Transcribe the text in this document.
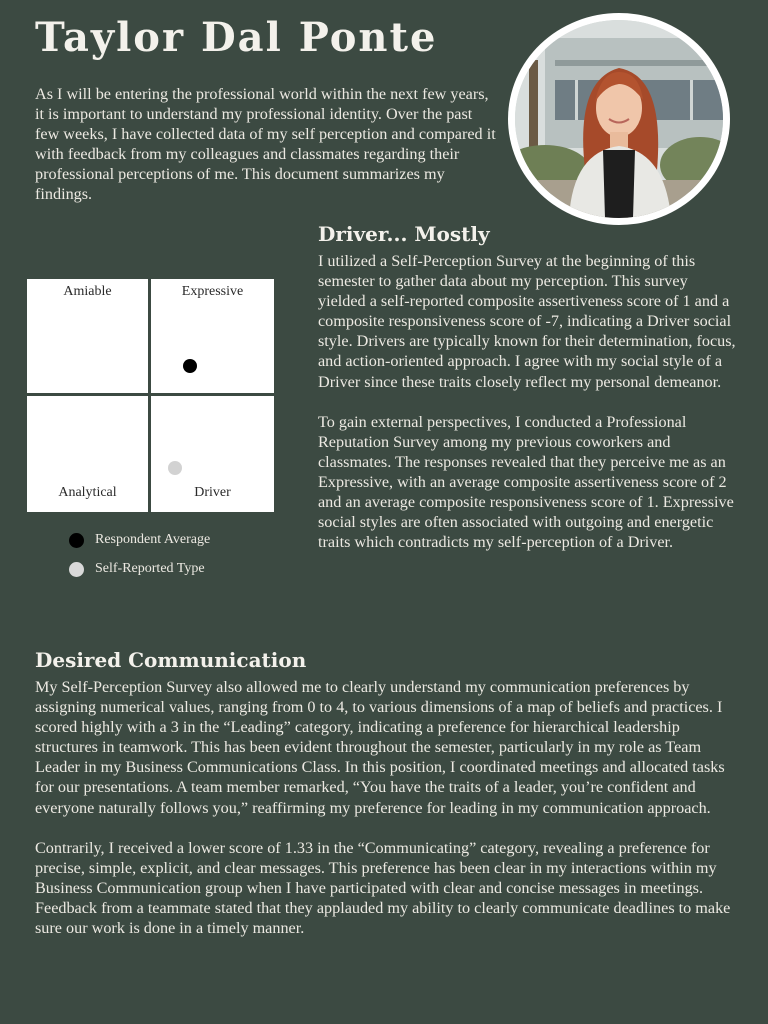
Taylor Dal Ponte

As I will be entering the professional world within the next few years, it is important to understand my professional identity. Over the past few weeks, I have collected data of my self perception and compared it with feedback from my colleagues and classmates regarding their professional perceptions of me. This document summarizes my findings.

Driver... Mostly

I utilized a Self-Perception Survey at the beginning of this semester to gather data about my perception. This survey yielded a self-reported composite assertiveness score of 1 and a composite responsiveness score of -7, indicating a Driver social style. Drivers are typically known for their determination, focus, and action-oriented approach. I agree with my social style of a Driver since these traits closely reflect my personal demeanor.

To gain external perspectives, I conducted a Professional Reputation Survey among my previous coworkers and classmates. The responses revealed that they perceive me as an Expressive, with an average composite assertiveness score of 2 and an average composite responsiveness score of 1. Expressive social styles are often associated with outgoing and energetic traits which contradicts my self-perception of a Driver.

Amiable	Expressive
Analytical	Driver
Respondent Average
Self-Reported Type
Desired Communication

My Self-Perception Survey also allowed me to clearly understand my communication preferences by assigning numerical values, ranging from 0 to 4, to various dimensions of a map of beliefs and practices. I scored highly with a 3 in the “Leading” category, indicating a preference for hierarchical leadership structures in teamwork. This has been evident throughout the semester, particularly in my role as Team Leader in my Business Communications Class. In this position, I coordinated meetings and allocated tasks for our presentations. A team member remarked, “You have the traits of a leader, you’re confident and everyone naturally follows you,” reaffirming my preference for leading in my communication approach.

Contrarily, I received a lower score of 1.33 in the “Communicating” category, revealing a preference for precise, simple, explicit, and clear messages. This preference has been clear in my interactions within my Business Communication group when I have participated with clear and concise messages in meetings. Feedback from a teammate stated that they applauded my ability to clearly communicate deadlines to make sure our work is done in a timely manner.
